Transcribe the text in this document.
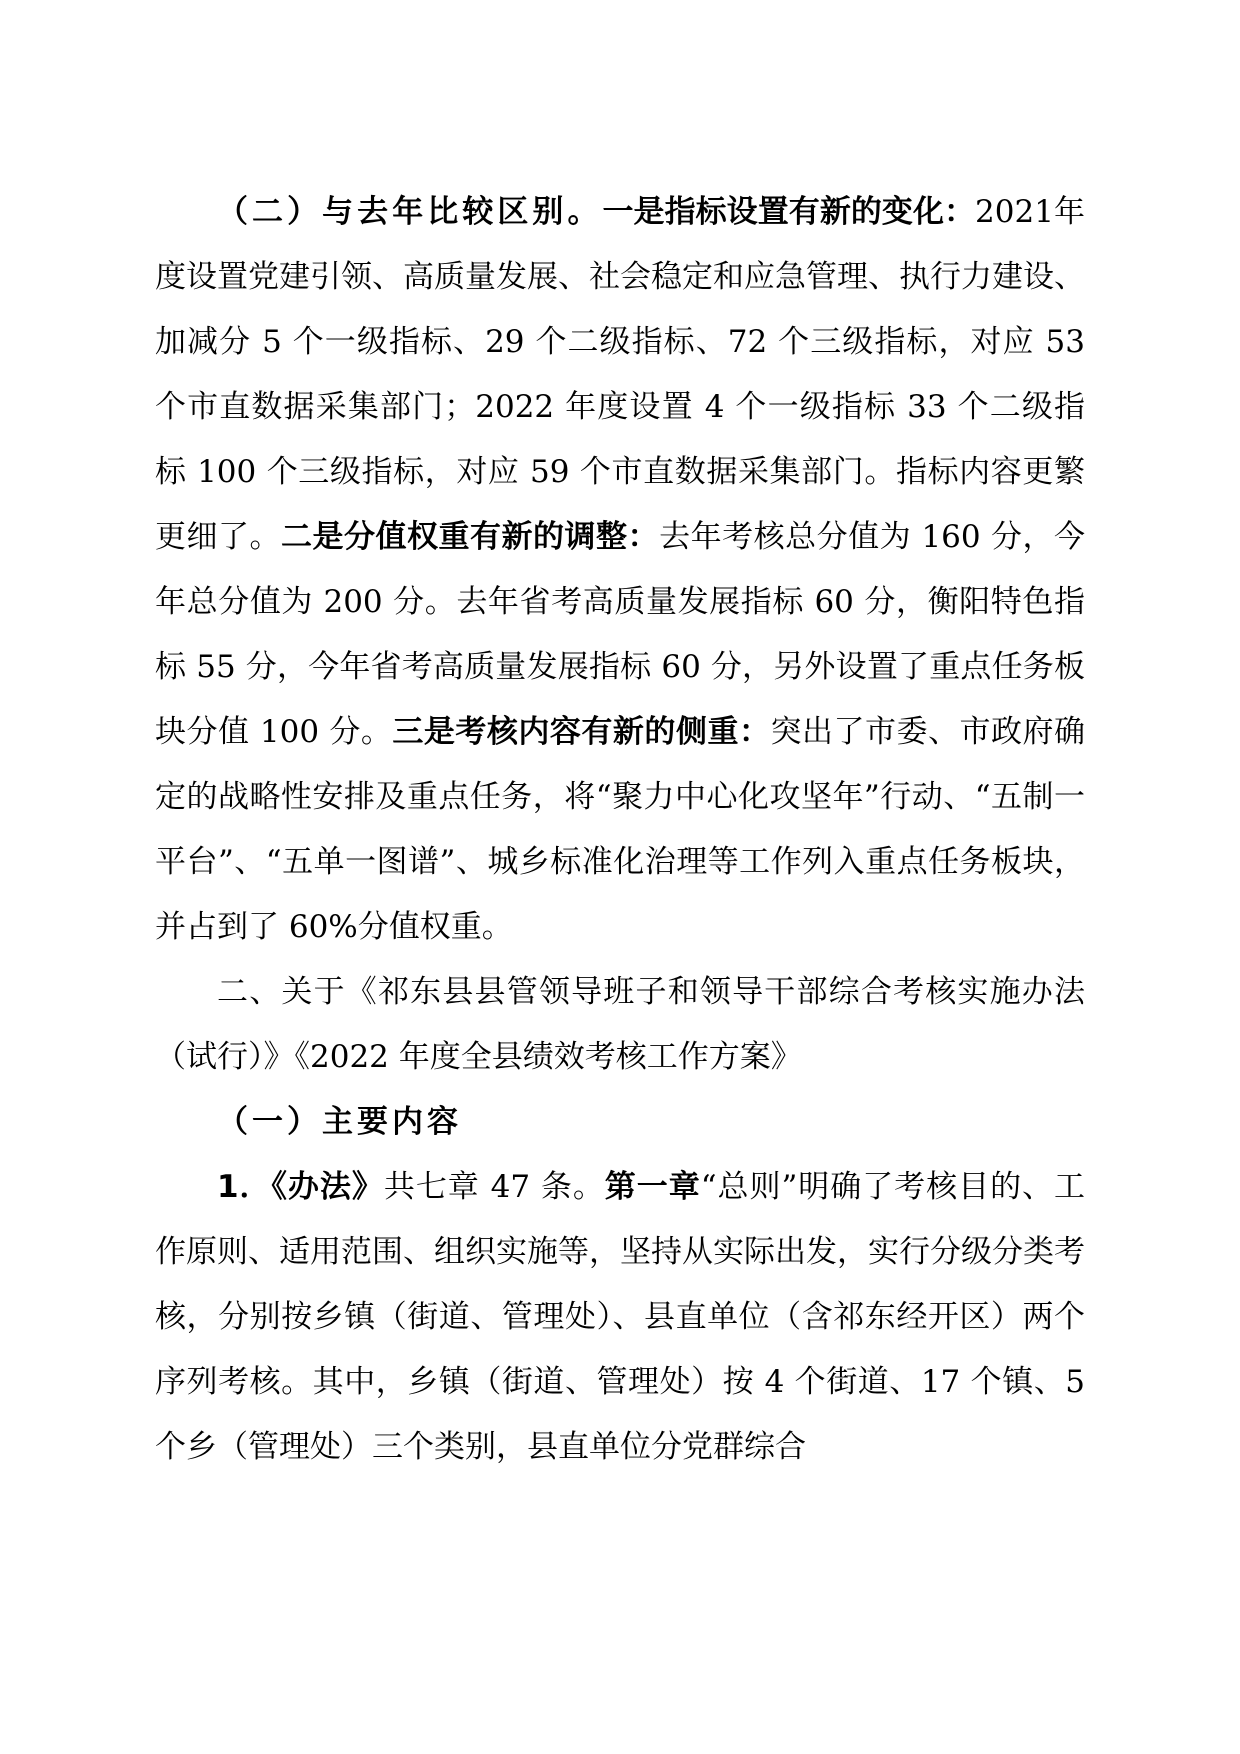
（二）与去年比较区别。一是指标设置有新的变化：2021年度设置党建引领、高质量发展、社会稳定和应急管理、执行力建设、加减分 5 个一级指标、29 个二级指标、72 个三级指标，对应 53 个市直数据采集部门；2022 年度设置 4 个一级指标 33 个二级指标 100 个三级指标，对应 59 个市直数据采集部门。指标内容更繁更细了。二是分值权重有新的调整：去年考核总分值为 160 分，今年总分值为 200 分。去年省考高质量发展指标 60 分，衡阳特色指标 55 分，今年省考高质量发展指标 60 分，另外设置了重点任务板块分值 100 分。三是考核内容有新的侧重：突出了市委、市政府确定的战略性安排及重点任务，将“聚力中心化攻坚年”行动、“五制一平台”、“五单一图谱”、城乡标准化治理等工作列入重点任务板块，并占到了 60%分值权重。

二、关于《祁东县县管领导班子和领导干部综合考核实施办法（试行）》《2022 年度全县绩效考核工作方案》

（一）主要内容

1．《办法》共七章 47 条。第一章“总则”明确了考核目的、工作原则、适用范围、组织实施等，坚持从实际出发，实行分级分类考核，分别按乡镇（街道、管理处）、县直单位（含祁东经开区）两个序列考核。其中，乡镇（街道、管理处）按 4 个街道、17 个镇、5 个乡（管理处）三个类别，县直单位分党群综合
